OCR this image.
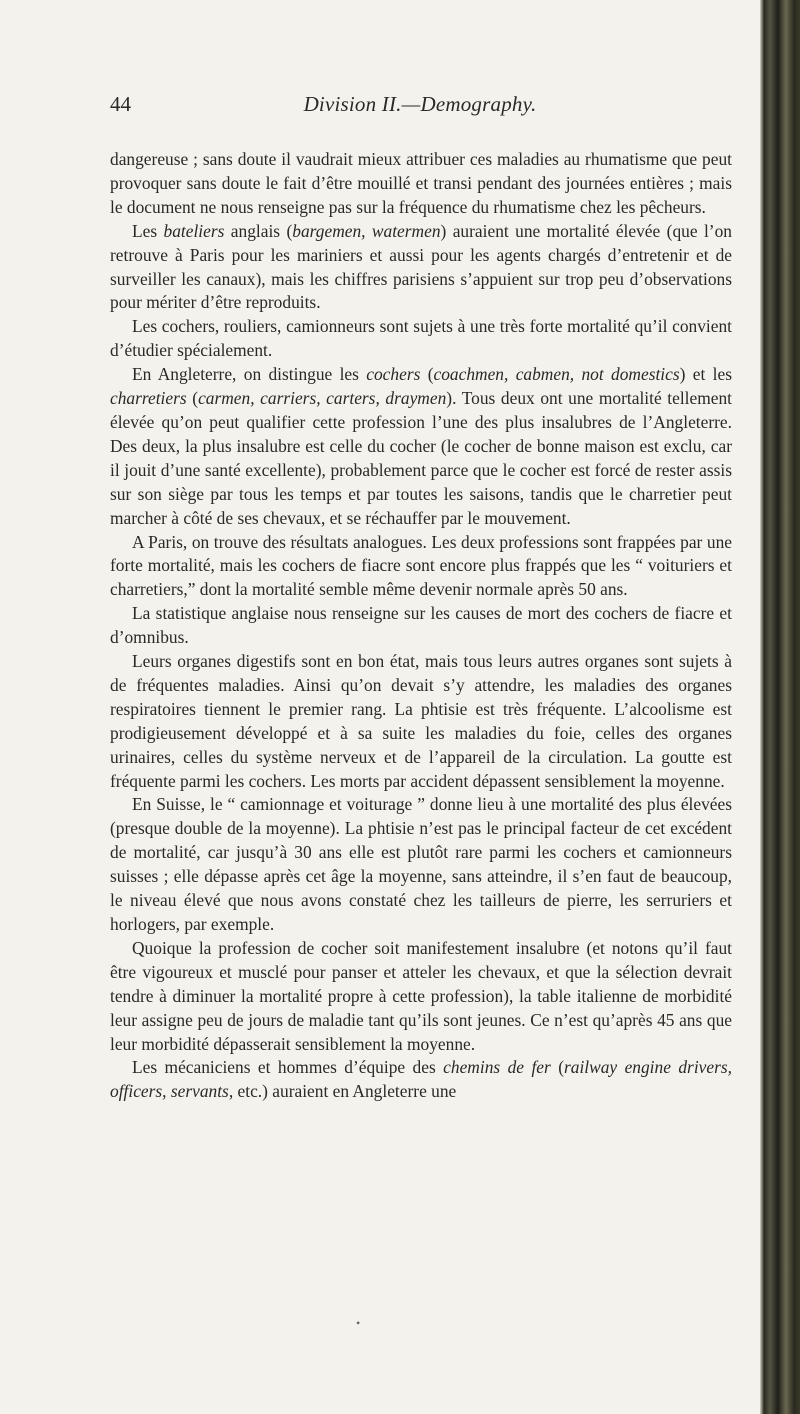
44	Division II.—Demography.

dangereuse ; sans doute il vaudrait mieux attribuer ces maladies au rhumatisme que peut provoquer sans doute le fait d’être mouillé et transi pendant des journées entières ; mais le document ne nous renseigne pas sur la fréquence du rhumatisme chez les pêcheurs.

Les bateliers anglais (bargemen, watermen) auraient une mortalité élevée (que l’on retrouve à Paris pour les mariniers et aussi pour les agents chargés d’entretenir et de surveiller les canaux), mais les chiffres parisiens s’appuient sur trop peu d’observations pour mériter d’être reproduits.

Les cochers, rouliers, camionneurs sont sujets à une très forte mortalité qu’il convient d’étudier spécialement.

En Angleterre, on distingue les cochers (coachmen, cabmen, not domestics) et les charretiers (carmen, carriers, carters, draymen). Tous deux ont une mortalité tellement élevée qu’on peut qualifier cette profession l’une des plus insalubres de l’Angleterre. Des deux, la plus insalubre est celle du cocher (le cocher de bonne maison est exclu, car il jouit d’une santé excellente), probablement parce que le cocher est forcé de rester assis sur son siège par tous les temps et par toutes les saisons, tandis que le charretier peut marcher à côté de ses chevaux, et se réchauffer par le mouvement.

A Paris, on trouve des résultats analogues. Les deux professions sont frappées par une forte mortalité, mais les cochers de fiacre sont encore plus frappés que les “ voituriers et charretiers,” dont la mortalité semble même devenir normale après 50 ans.

La statistique anglaise nous renseigne sur les causes de mort des cochers de fiacre et d’omnibus.

Leurs organes digestifs sont en bon état, mais tous leurs autres organes sont sujets à de fréquentes maladies. Ainsi qu’on devait s’y attendre, les maladies des organes respiratoires tiennent le premier rang. La phtisie est très fréquente. L’alcoolisme est prodigieusement développé et à sa suite les maladies du foie, celles des organes urinaires, celles du système nerveux et de l’appareil de la circulation. La goutte est fréquente parmi les cochers. Les morts par accident dépassent sensiblement la moyenne.

En Suisse, le “ camionnage et voiturage ” donne lieu à une mortalité des plus élevées (presque double de la moyenne). La phtisie n’est pas le principal facteur de cet excédent de mortalité, car jusqu’à 30 ans elle est plutôt rare parmi les cochers et camionneurs suisses ; elle dépasse après cet âge la moyenne, sans atteindre, il s’en faut de beaucoup, le niveau élevé que nous avons constaté chez les tailleurs de pierre, les serruriers et horlogers, par exemple.

Quoique la profession de cocher soit manifestement insalubre (et notons qu’il faut être vigoureux et musclé pour panser et atteler les chevaux, et que la sélection devrait tendre à diminuer la mortalité propre à cette profession), la table italienne de morbidité leur assigne peu de jours de maladie tant qu’ils sont jeunes. Ce n’est qu’après 45 ans que leur morbidité dépasserait sensiblement la moyenne.

Les mécaniciens et hommes d’équipe des chemins de fer (railway engine drivers, officers, servants, etc.) auraient en Angleterre une

•
